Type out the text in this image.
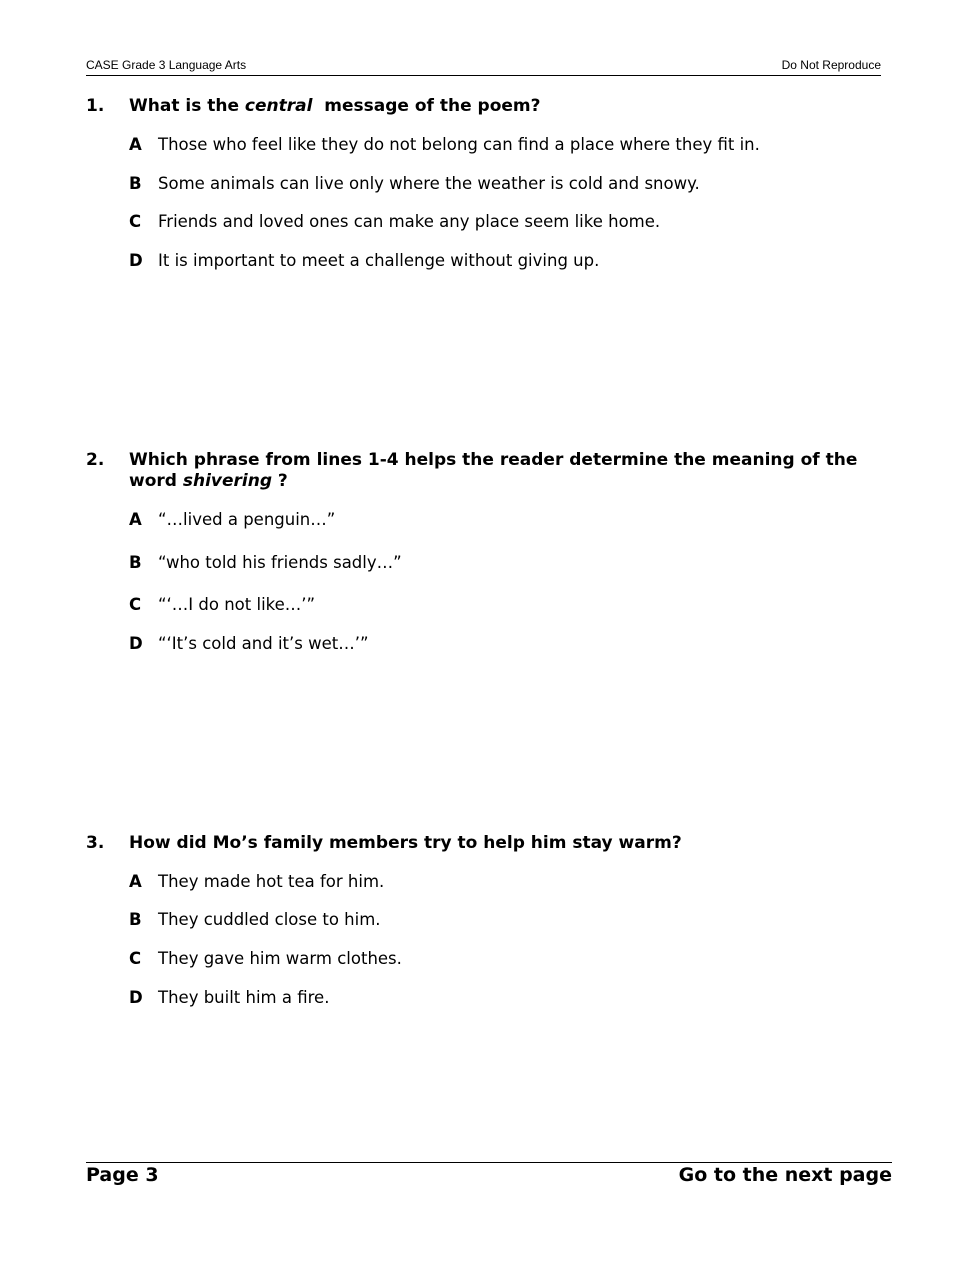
CASE Grade 3 Language Arts	Do Not Reproduce
1. What is the central  message of the poem?
A Those who feel like they do not belong can find a place where they fit in.
B Some animals can live only where the weather is cold and snowy.
C Friends and loved ones can make any place seem like home.
D It is important to meet a challenge without giving up.
2. Which phrase from lines 1-4 helps the reader determine the meaning of the word shivering ?
A “…lived a penguin…”
B “who told his friends sadly…”
C “‘…I do not like…’”
D “‘It’s cold and it’s wet…’”
3. How did Mo’s family members try to help him stay warm?
A They made hot tea for him.
B They cuddled close to him.
C They gave him warm clothes.
D They built him a fire.
Page 3	Go to the next page
